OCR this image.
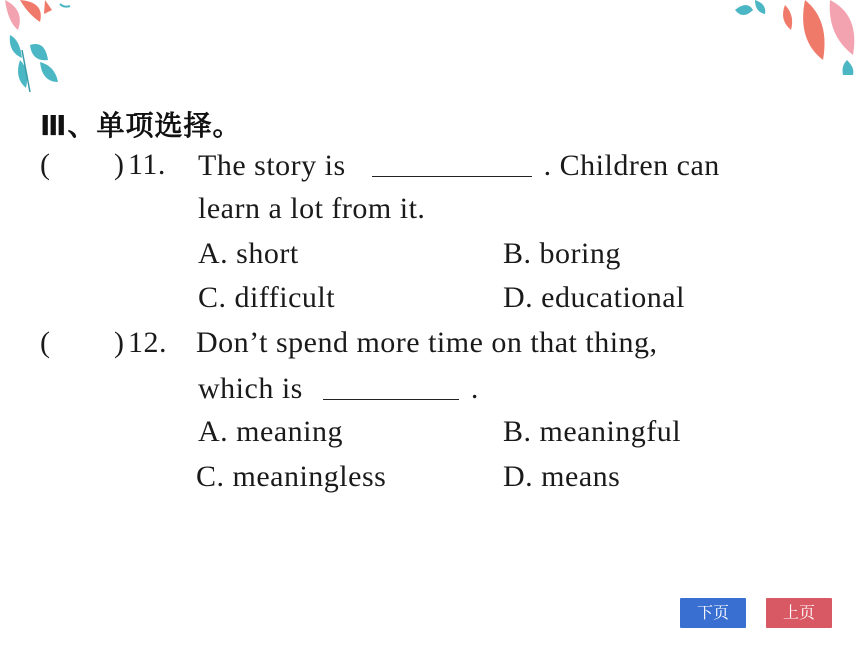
Ⅲ、单项选择。
( ) 11. The story is	. Children can
learn a lot from it.
A. short	B. boring
C. difficult	D. educational
( ) 12. Don’t spend more time on that thing,
which is	.
A. meaning	B. meaningful
C. meaningless	D. means
下页	上页
